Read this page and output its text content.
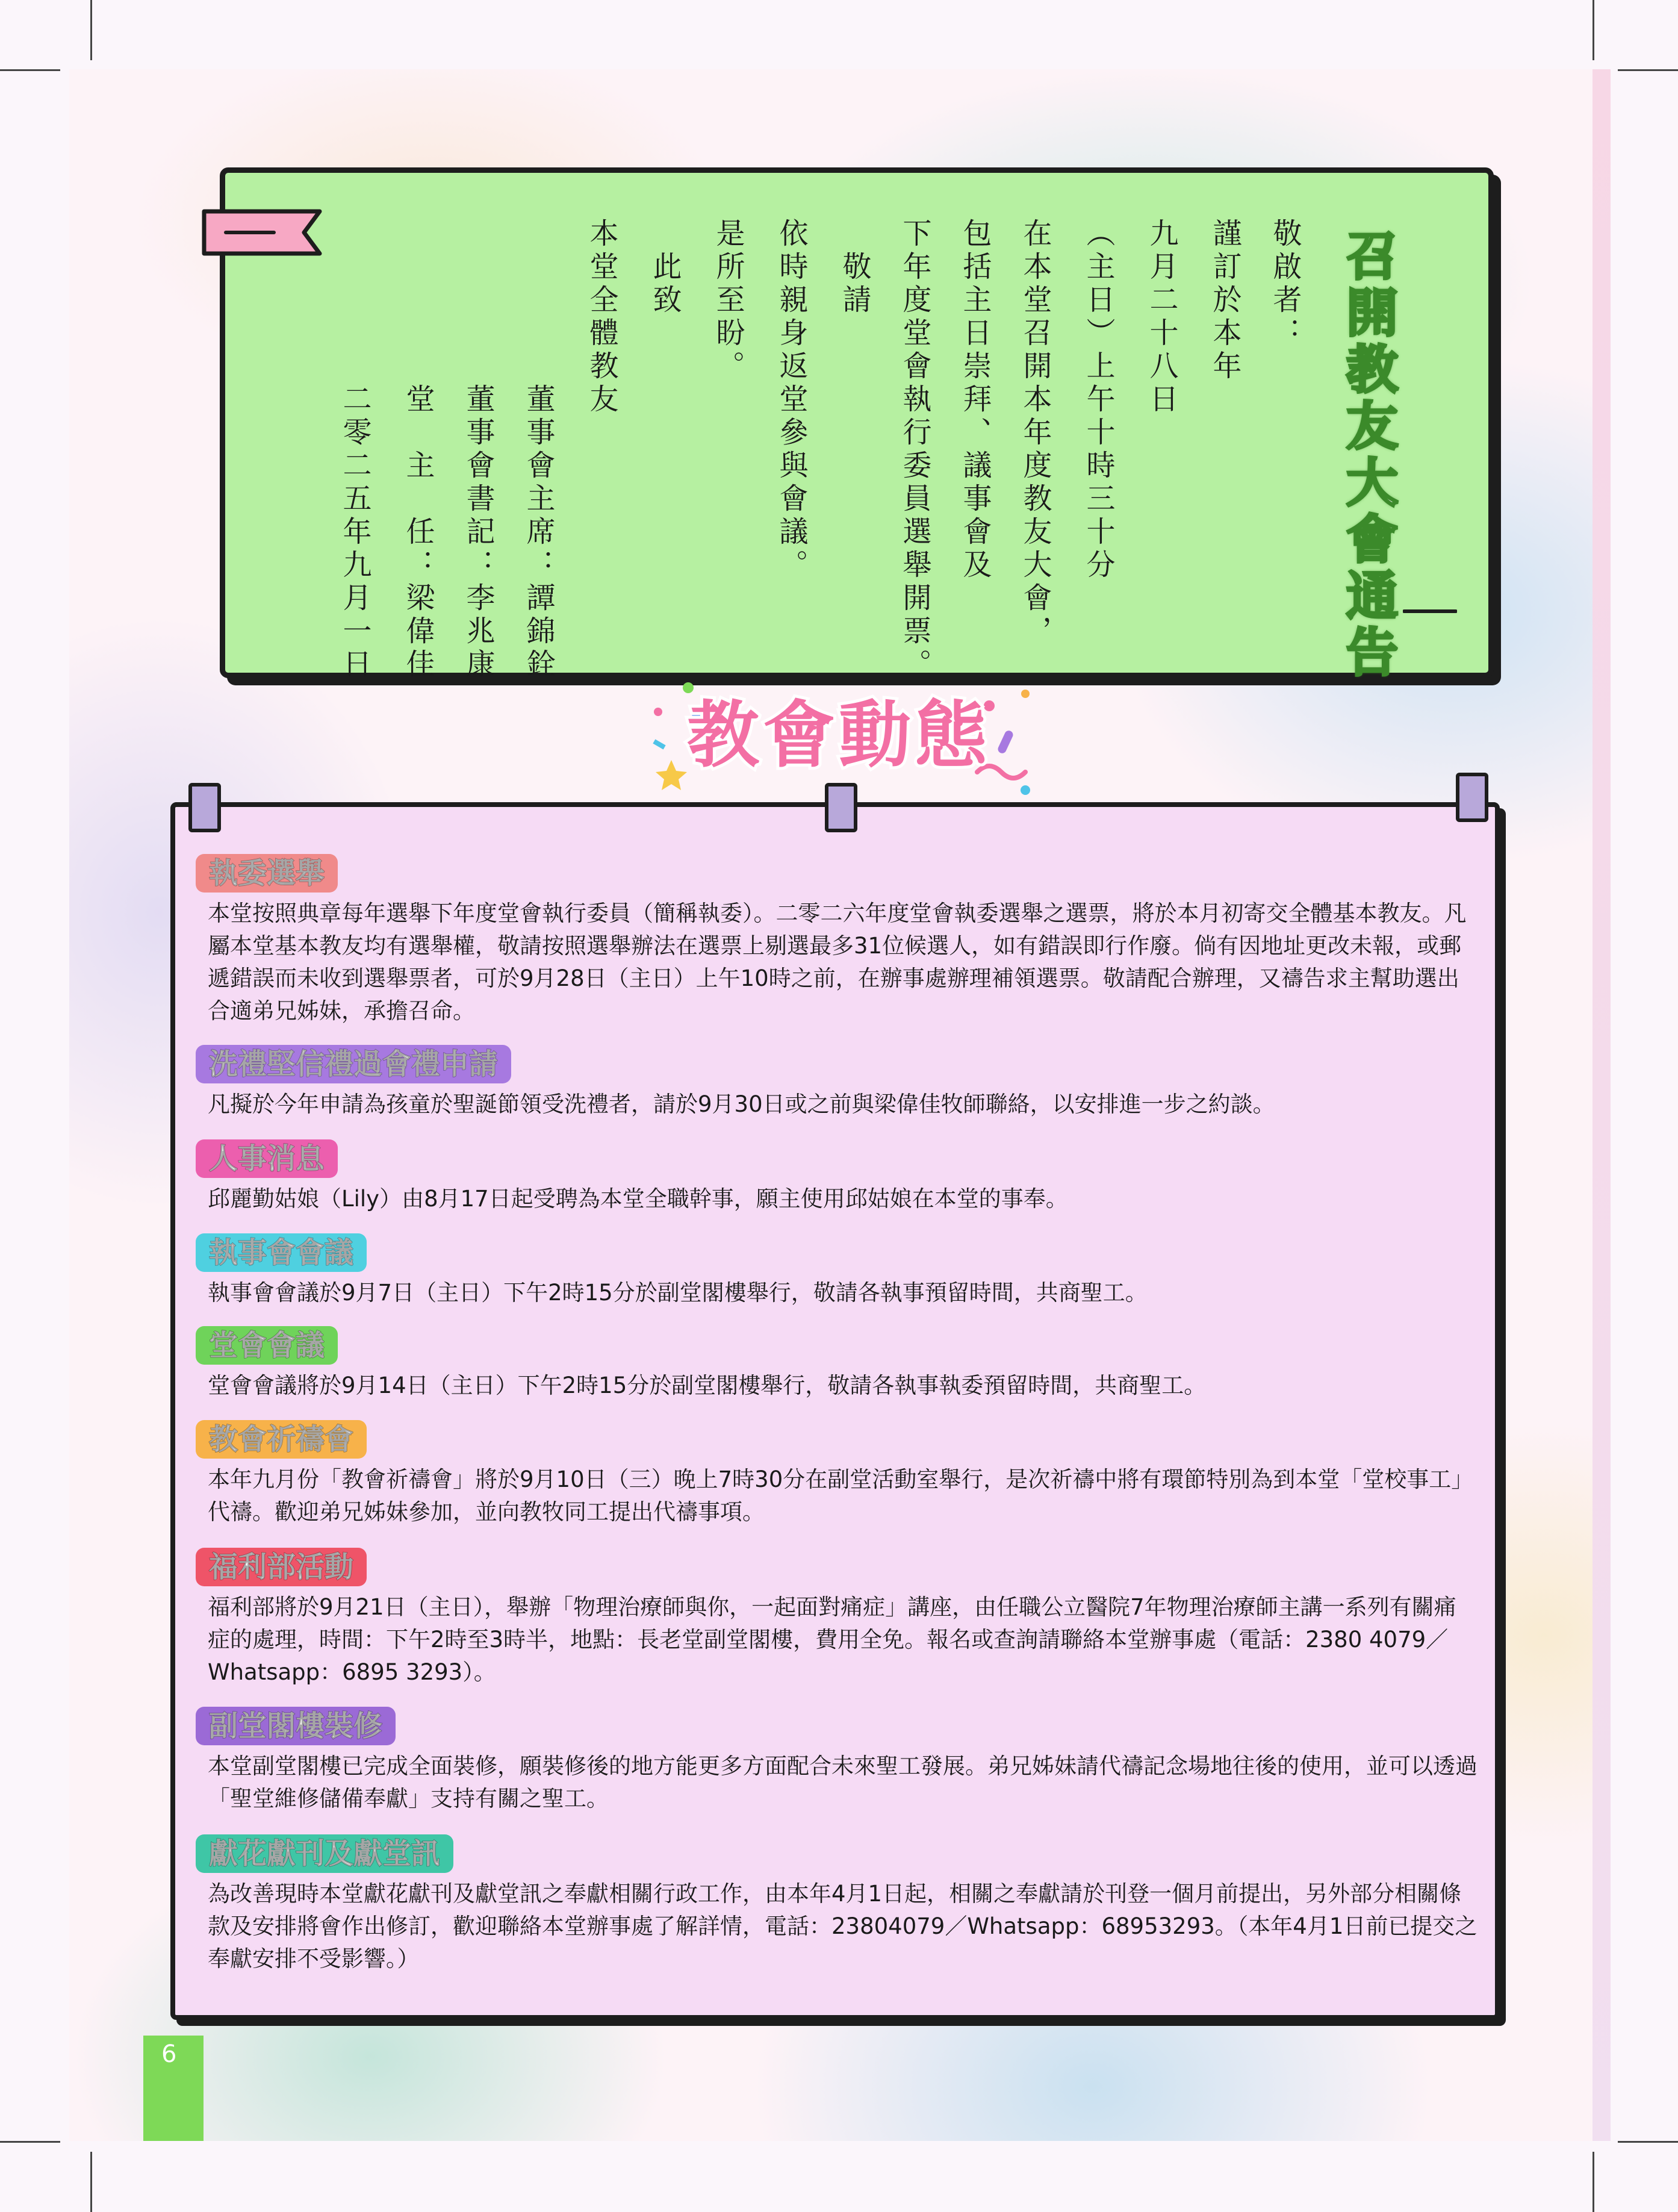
召開教友大會通告
敬啟者：
謹訂於本年
九月二十八日
（主日）上午十時三十分
在本堂召開本年度教友大會，
包括主日崇拜、議事會及
下年度堂會執行委員選舉開票。
　敬請
依時親身返堂參與會議。
是所至盼。
　此致
本堂全體教友
　　　　　董事會主席：譚錦銓
　　　　　董事會書記：李兆康
　　　　　堂　主　任：梁偉佳
　　　　　二零二五年九月一日
教會動態
執委選舉

本堂按照典章每年選舉下年度堂會執行委員（簡稱執委）。二零二六年度堂會執委選舉之選票，將於本月初寄交全體基本教友。凡屬本堂基本教友均有選舉權，敬請按照選舉辦法在選票上剔選最多31位候選人，如有錯誤即行作廢。倘有因地址更改未報，或郵遞錯誤而未收到選舉票者，可於9月28日（主日）上午10時之前，在辦事處辦理補領選票。敬請配合辦理，又禱告求主幫助選出合適弟兄姊妹，承擔召命。

洗禮堅信禮過會禮申請

凡擬於今年申請為孩童於聖誕節領受洗禮者，請於9月30日或之前與梁偉佳牧師聯絡，以安排進一步之約談。

人事消息

邱麗勤姑娘（Lily）由8月17日起受聘為本堂全職幹事，願主使用邱姑娘在本堂的事奉。

執事會會議

執事會會議於9月7日（主日）下午2時15分於副堂閣樓舉行，敬請各執事預留時間，共商聖工。

堂會會議

堂會會議將於9月14日（主日）下午2時15分於副堂閣樓舉行，敬請各執事執委預留時間，共商聖工。

教會祈禱會

本年九月份「教會祈禱會」將於9月10日（三）晚上7時30分在副堂活動室舉行，是次祈禱中將有環節特別為到本堂「堂校事工」代禱。歡迎弟兄姊妹參加，並向教牧同工提出代禱事項。

福利部活動

福利部將於9月21日（主日），舉辦「物理治療師與你，一起面對痛症」講座，由任職公立醫院7年物理治療師主講一系列有關痛症的處理，時間：下午2時至3時半，地點：長老堂副堂閣樓，費用全免。報名或查詢請聯絡本堂辦事處（電話：2380 4079／Whatsapp：6895 3293）。

副堂閣樓裝修

本堂副堂閣樓已完成全面裝修，願裝修後的地方能更多方面配合未來聖工發展。弟兄姊妹請代禱記念場地往後的使用，並可以透過「聖堂維修儲備奉獻」支持有關之聖工。

獻花獻刊及獻堂訊

為改善現時本堂獻花獻刊及獻堂訊之奉獻相關行政工作，由本年4月1日起，相關之奉獻請於刊登一個月前提出，另外部分相關條款及安排將會作出修訂，歡迎聯絡本堂辦事處了解詳情，電話：23804079／Whatsapp：68953293。（本年4月1日前已提交之奉獻安排不受影響。）

6
